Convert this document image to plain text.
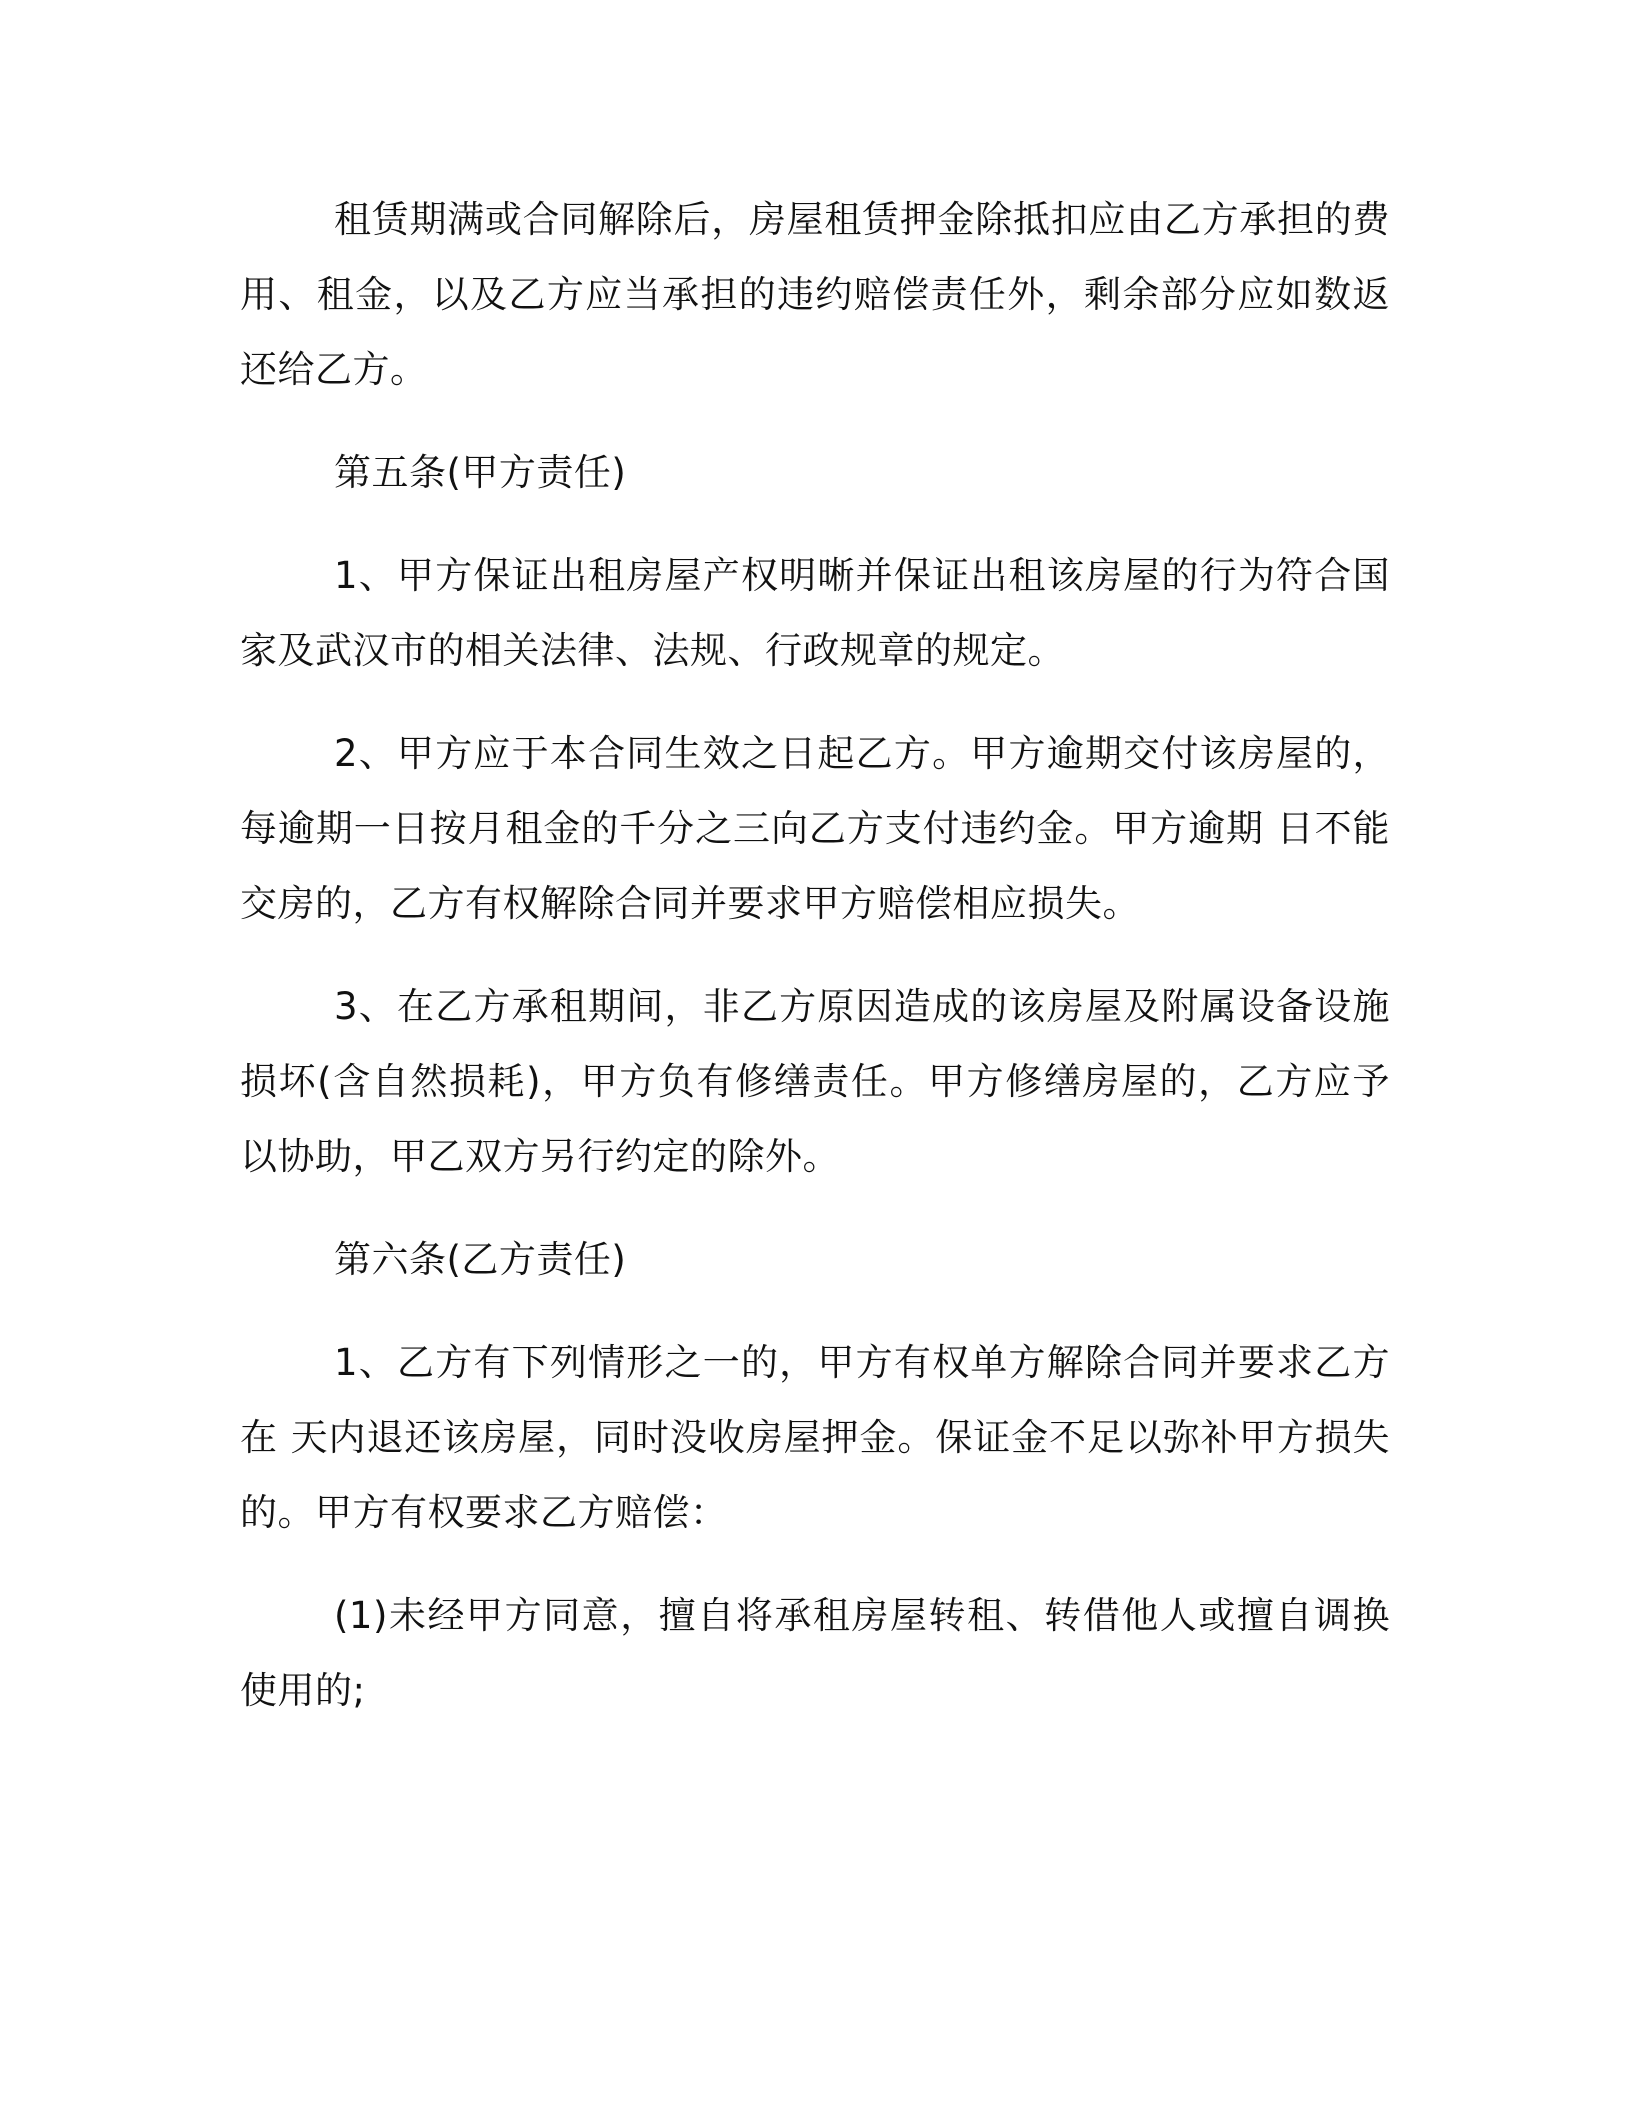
租赁期满或合同解除后，房屋租赁押金除抵扣应由乙方承担的费用、租金，以及乙方应当承担的违约赔偿责任外，剩余部分应如数返还给乙方。

第五条(甲方责任)

1、甲方保证出租房屋产权明晰并保证出租该房屋的行为符合国家及武汉市的相关法律、法规、行政规章的规定。

2、甲方应于本合同生效之日起乙方。甲方逾期交付该房屋的，每逾期一日按月租金的千分之三向乙方支付违约金。甲方逾期 日不能交房的，乙方有权解除合同并要求甲方赔偿相应损失。

3、在乙方承租期间，非乙方原因造成的该房屋及附属设备设施损坏(含自然损耗)，甲方负有修缮责任。甲方修缮房屋的，乙方应予以协助，甲乙双方另行约定的除外。

第六条(乙方责任)

1、乙方有下列情形之一的，甲方有权单方解除合同并要求乙方在 天内退还该房屋，同时没收房屋押金。保证金不足以弥补甲方损失的。甲方有权要求乙方赔偿：

(1)未经甲方同意，擅自将承租房屋转租、转借他人或擅自调换使用的;
